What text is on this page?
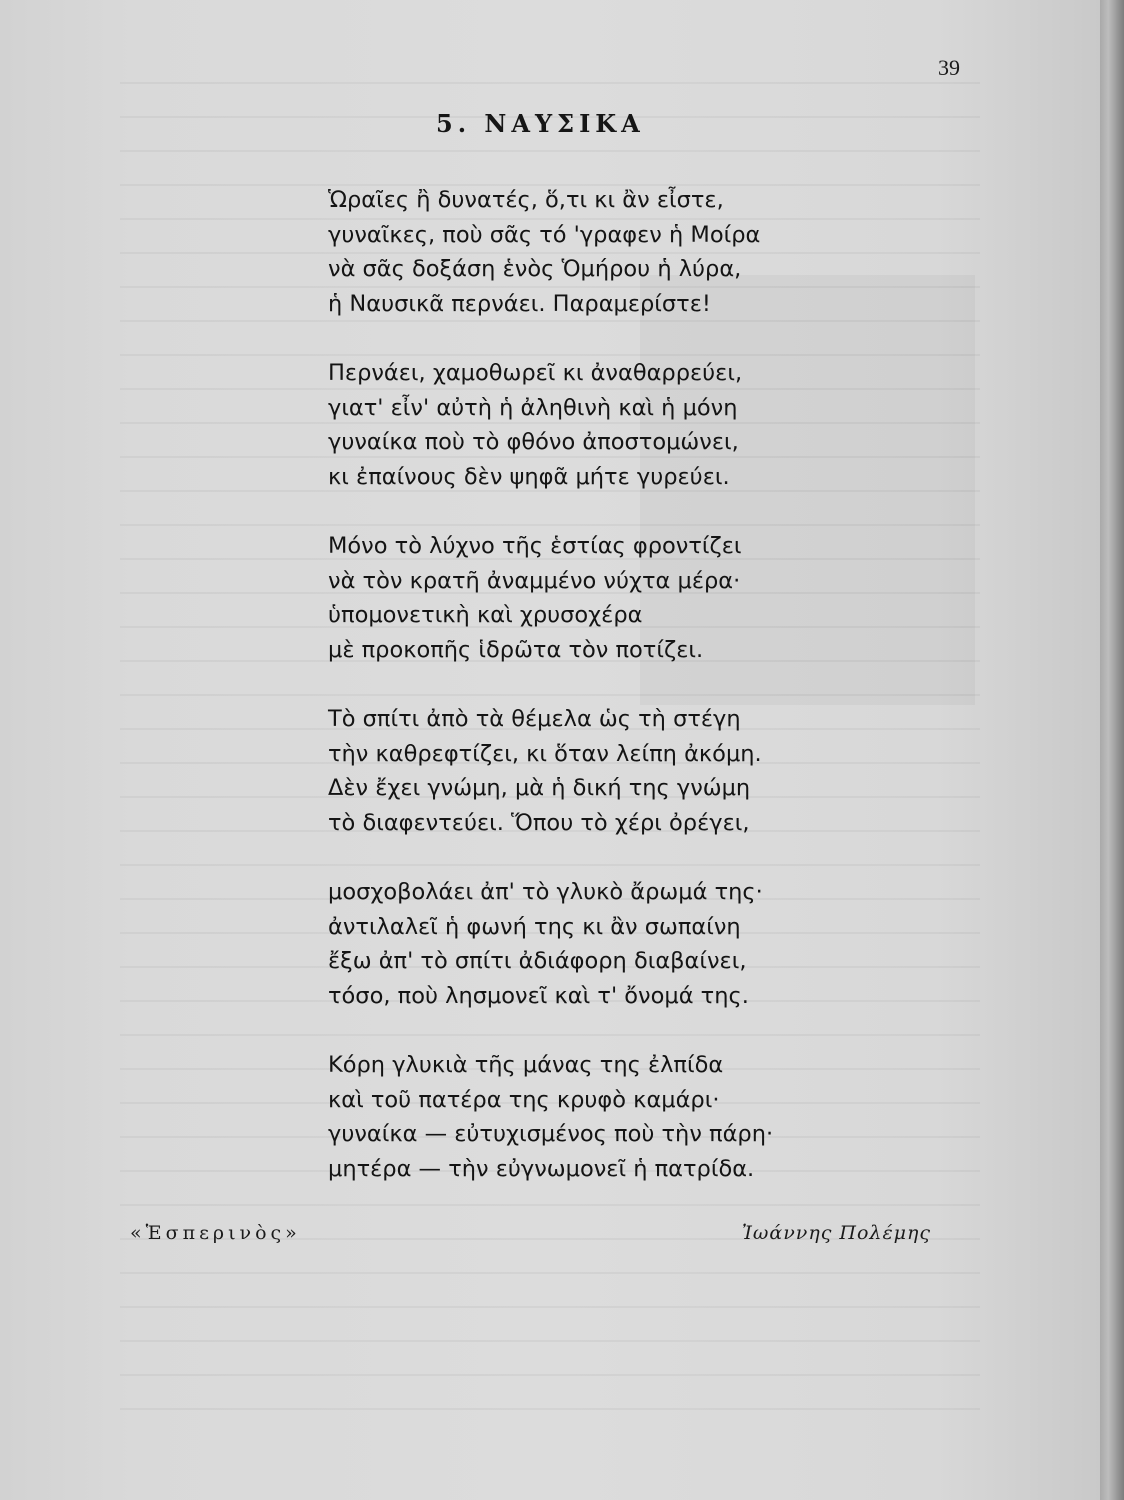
39
5. ΝΑΥΣΙΚΑ
Ὡραῖες ἢ δυνατές, ὅ,τι κι ἂν εἶστε,
γυναῖκες, ποὺ σᾶς τό 'γραφεν ἡ Μοίρα
νὰ σᾶς δοξάση ἑνὸς Ὁμήρου ἡ λύρα,
ἡ Ναυσικᾶ περνάει. Παραμερίστε!
Περνάει, χαμοθωρεῖ κι ἀναθαρρεύει,
γιατ' εἶν' αὐτὴ ἡ ἀληθινὴ καὶ ἡ μόνη
γυναίκα ποὺ τὸ φθόνο ἀποστομώνει,
κι ἐπαίνους δὲν ψηφᾶ μήτε γυρεύει.
Μόνο τὸ λύχνο τῆς ἑστίας φροντίζει
νὰ τὸν κρατῆ ἀναμμένο νύχτα μέρα·
ὑπομονετικὴ καὶ χρυσοχέρα
μὲ προκοπῆς ἱδρῶτα τὸν ποτίζει.
Τὸ σπίτι ἀπὸ τὰ θέμελα ὡς τὴ στέγη
τὴν καθρεφτίζει, κι ὅταν λείπη ἀκόμη.
Δὲν ἔχει γνώμη, μὰ ἡ δική της γνώμη
τὸ διαφεντεύει. Ὅπου τὸ χέρι ὀρέγει,
μοσχοβολάει ἀπ' τὸ γλυκὸ ἄρωμά της·
ἀντιλαλεῖ ἡ φωνή της κι ἂν σωπαίνη
ἔξω ἀπ' τὸ σπίτι ἀδιάφορη διαβαίνει,
τόσο, ποὺ λησμονεῖ καὶ τ' ὄνομά της.
Κόρη γλυκιὰ τῆς μάνας της ἐλπίδα
καὶ τοῦ πατέρα της κρυφὸ καμάρι·
γυναίκα — εὐτυχισμένος ποὺ τὴν πάρη·
μητέρα — τὴν εὐγνωμονεῖ ἡ πατρίδα.
«Ἑσπερινὸς»	Ἰωάννης Πολέμης
